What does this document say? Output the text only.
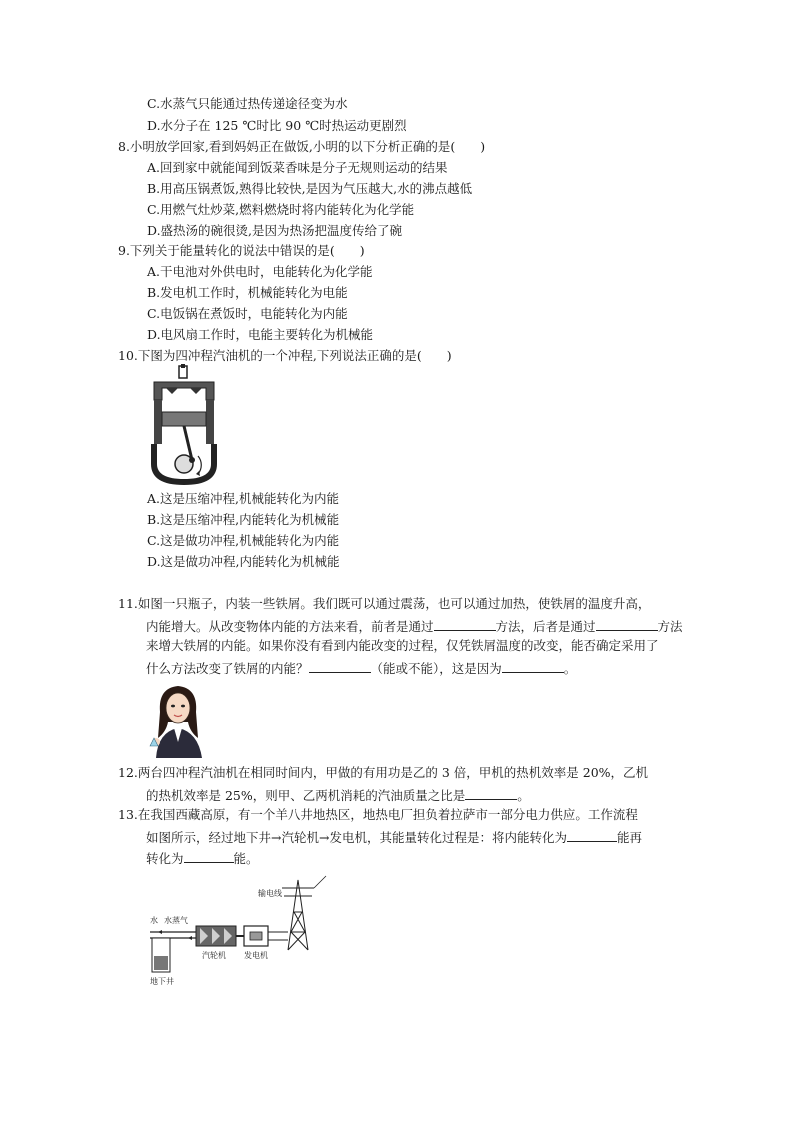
C.水蒸气只能通过热传递途径变为水
D.水分子在 125 ℃时比 90 ℃时热运动更剧烈
8.小明放学回家,看到妈妈正在做饭,小明的以下分析正确的是(　　)
A.回到家中就能闻到饭菜香味是分子无规则运动的结果
B.用高压锅煮饭,熟得比较快,是因为气压越大,水的沸点越低
C.用燃气灶炒菜,燃料燃烧时将内能转化为化学能
D.盛热汤的碗很烫,是因为热汤把温度传给了碗
9.下列关于能量转化的说法中错误的是(　　)
A.干电池对外供电时，电能转化为化学能
B.发电机工作时，机械能转化为电能
C.电饭锅在煮饭时，电能转化为内能
D.电风扇工作时，电能主要转化为机械能
10.下图为四冲程汽油机的一个冲程,下列说法正确的是(　　)
A.这是压缩冲程,机械能转化为内能
B.这是压缩冲程,内能转化为机械能
C.这是做功冲程,机械能转化为内能
D.这是做功冲程,内能转化为机械能
11.如图一只瓶子，内装一些铁屑。我们既可以通过震荡，也可以通过加热，使铁屑的温度升高，
内能增大。从改变物体内能的方法来看，前者是通过	方法，后者是通过	方法
来增大铁屑的内能。如果你没有看到内能改变的过程，仅凭铁屑温度的改变，能否确定采用了
什么方法改变了铁屑的内能？	（能或不能），这是因为	。
12.两台四冲程汽油机在相同时间内，甲做的有用功是乙的 3 倍，甲机的热机效率是 20%，乙机
的热机效率是 25%，则甲、乙两机消耗的汽油质量之比是	。
13.在我国西藏高原，有一个羊八井地热区，地热电厂担负着拉萨市一部分电力供应。工作流程
如图所示，经过地下井→汽轮机→发电机，其能量转化过程是：将内能转化为	能再
转化为	能。
输电线
水 水蒸气
汽轮机 发电机
地下井
